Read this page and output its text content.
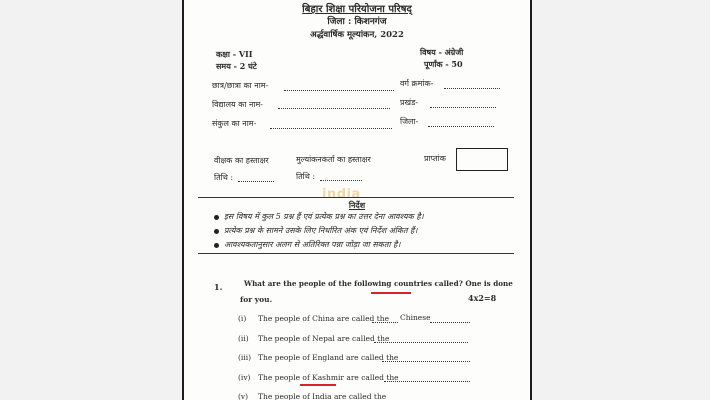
बिहार शिक्षा परियोजना परिषद्
जिला : किशनगंज
अर्द्धवार्षिक मूल्यांकन, 2022
कक्षा - VII
समय - 2 घंटे
विषय - अंग्रेजी
पूर्णांक - 50
छात्र/छात्रा का नाम-	वर्ग क्रमांक-
विद्यालय का नाम-	प्रखंड-
संकुल का नाम-	जिला-
वीक्षक का हस्ताक्षर	मुल्यांकनकर्ता का हस्ताक्षर	प्राप्तांक
तिथि :	तिथि :
india
निर्देश
इस विषय में कुल 5 प्रश्न हैं एवं प्रत्येक प्रश्न का उत्तर देना आवश्यक है।
प्रत्येक प्रश्न के सामने उसके लिए निर्धारित अंक एवं निर्देश अंकित हैं।
आवश्यकतानुसार अलग से अतिरिक्त पन्ना जोड़ा जा सकता है।
1.	What are the people of the following countries called? One is done
for you.	4x2=8
(i) The people of China are called the Chinese
(ii) The people of Nepal are called the
(iii) The people of England are called the
(iv) The people of Kashmir are called the
(v) The people of India are called the
